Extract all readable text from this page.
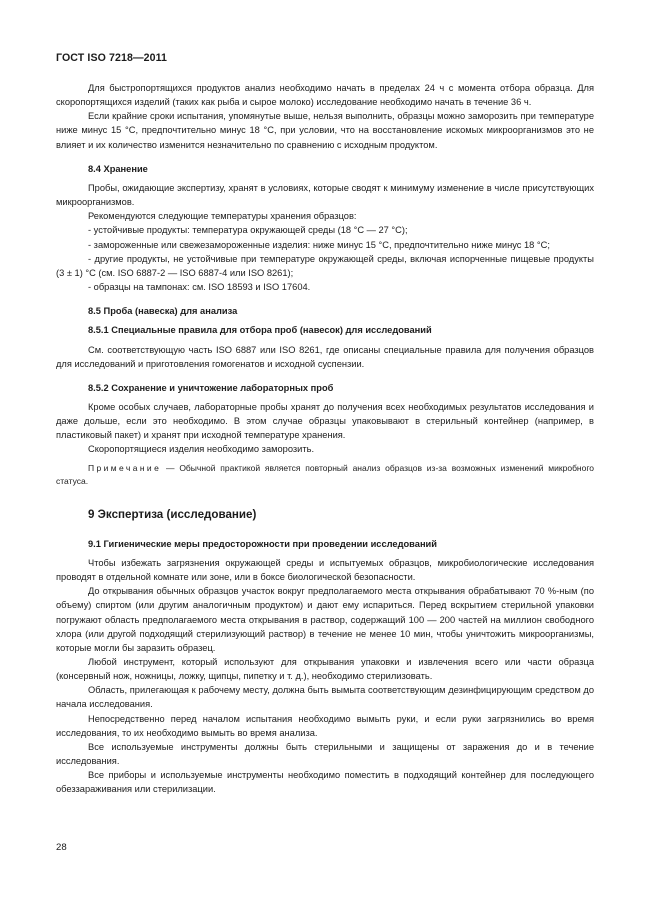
ГОСТ ISO 7218—2011

Для быстропортящихся продуктов анализ необходимо начать в пределах 24 ч с момента отбора образца. Для скоропортящихся изделий (таких как рыба и сырое молоко) исследование необходимо начать в течение 36 ч.

Если крайние сроки испытания, упомянутые выше, нельзя выполнить, образцы можно заморозить при температуре ниже минус 15 °С, предпочтительно минус 18 °С, при условии, что на восстановление искомых микроорганизмов это не влияет и их количество изменится незначительно по сравнению с исходным продуктом.

8.4 Хранение

Пробы, ожидающие экспертизу, хранят в условиях, которые сводят к минимуму изменение в числе присутствующих микроорганизмов.

Рекомендуются следующие температуры хранения образцов:

- устойчивые продукты: температура окружающей среды (18 °С — 27 °С);

- замороженные или свежезамороженные изделия: ниже минус 15 °С, предпочтительно ниже минус 18 °С;

- другие продукты, не устойчивые при температуре окружающей среды, включая испорченные пищевые продукты (3 ± 1) °С (см. ISO 6887-2 — ISO 6887-4 или ISO 8261);

- образцы на тампонах: см. ISO 18593 и ISO 17604.

8.5 Проба (навеска) для анализа
8.5.1 Специальные правила для отбора проб (навесок) для исследований

См. соответствующую часть ISO 6887 или ISO 8261, где описаны специальные правила для получения образцов для исследований и приготовления гомогенатов и исходной суспензии.

8.5.2 Сохранение и уничтожение лабораторных проб

Кроме особых случаев, лабораторные пробы хранят до получения всех необходимых результатов исследования и даже дольше, если это необходимо. В этом случае образцы упаковывают в стерильный контейнер (например, в пластиковый пакет) и хранят при исходной температуре хранения.

Скоропортящиеся изделия необходимо заморозить.

Примечание — Обычной практикой является повторный анализ образцов из-за возможных изменений микробного статуса.

9 Экспертиза (исследование)
9.1 Гигиенические меры предосторожности при проведении исследований

Чтобы избежать загрязнения окружающей среды и испытуемых образцов, микробиологические исследования проводят в отдельной комнате или зоне, или в боксе биологической безопасности.

До открывания обычных образцов участок вокруг предполагаемого места открывания обрабатывают 70 %-ным (по объему) спиртом (или другим аналогичным продуктом) и дают ему испариться. Перед вскрытием стерильной упаковки погружают область предполагаемого места открывания в раствор, содержащий 100 — 200 частей на миллион свободного хлора (или другой подходящий стерилизующий раствор) в течение не менее 10 мин, чтобы уничтожить микроорганизмы, которые могли бы заразить образец.

Любой инструмент, который используют для открывания упаковки и извлечения всего или части образца (консервный нож, ножницы, ложку, щипцы, пипетку и т. д.), необходимо стерилизовать.

Область, прилегающая к рабочему месту, должна быть вымыта соответствующим дезинфицирующим средством до начала исследования.

Непосредственно перед началом испытания необходимо вымыть руки, и если руки загрязнились во время исследования, то их необходимо вымыть во время анализа.

Все используемые инструменты должны быть стерильными и защищены от заражения до и в течение исследования.

Все приборы и используемые инструменты необходимо поместить в подходящий контейнер для последующего обеззараживания или стерилизации.

28
